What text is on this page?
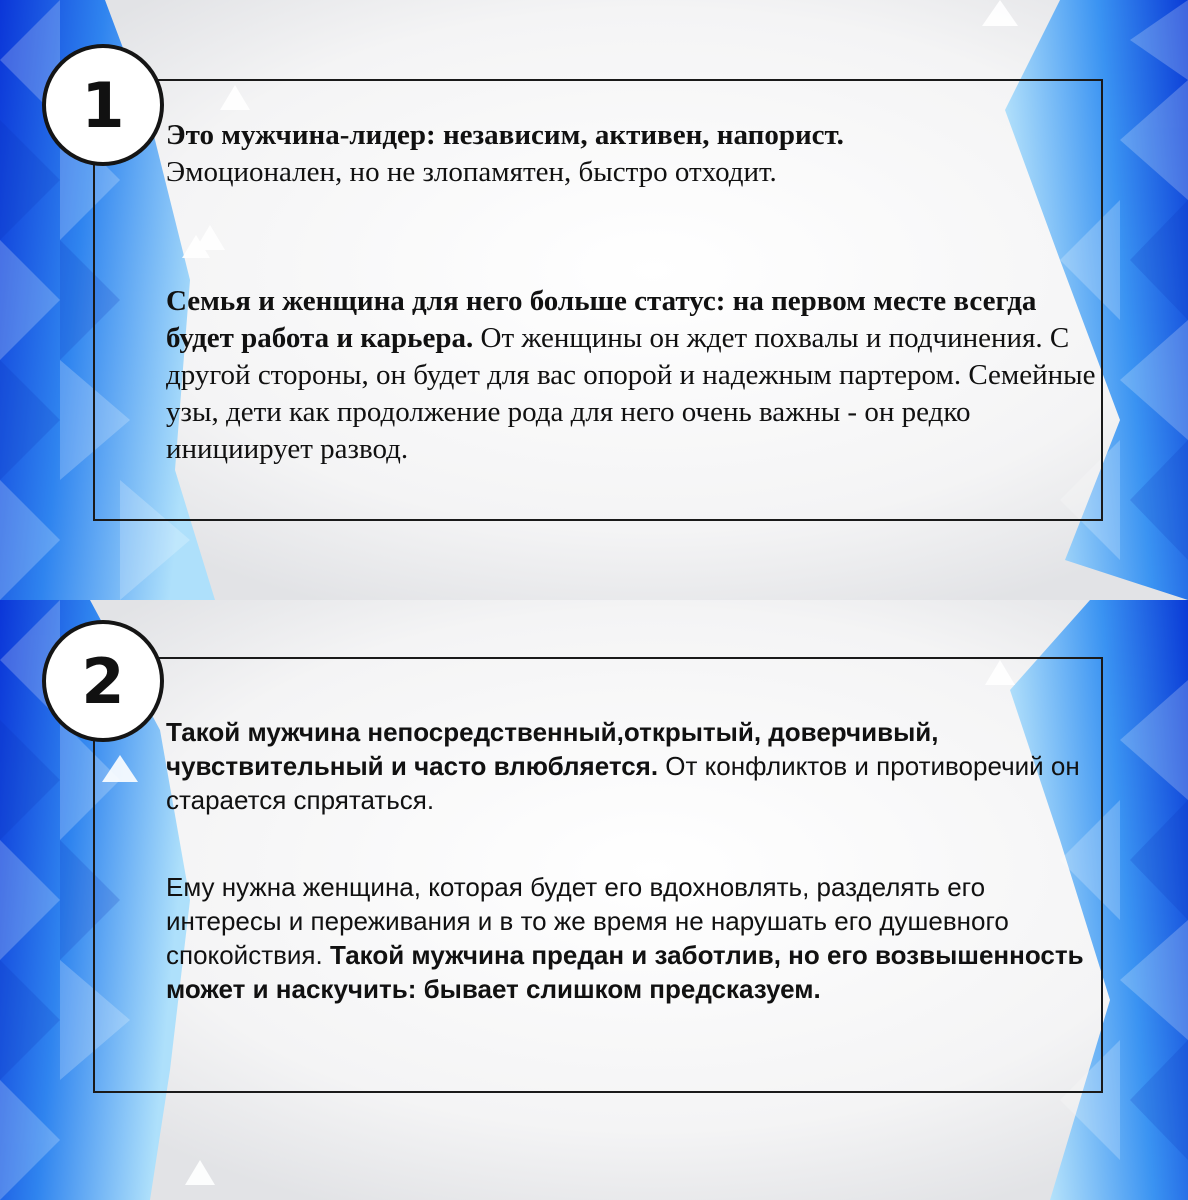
1 Это мужчина-лидер: независим, активен, напорист.
Эмоционален, но не злопамятен, быстро отходит.

Семья и женщина для него больше статус: на первом месте всегда будет работа и карьера. От женщины он ждет похвалы и подчинения. С другой стороны, он будет для вас опорой и надежным партером. Семейные узы, дети как продолжение рода для него очень важны - он редко инициирует развод.

2

Такой мужчина непосредственный,открытый, доверчивый, чувствительный и часто влюбляется. От конфликтов и противоречий он старается спрятаться.

Ему нужна женщина, которая будет его вдохновлять, разделять его интересы и переживания и в то же время не нарушать его душевного спокойствия. Такой мужчина предан и заботлив, но его возвышенность может и наскучить: бывает слишком предсказуем.
